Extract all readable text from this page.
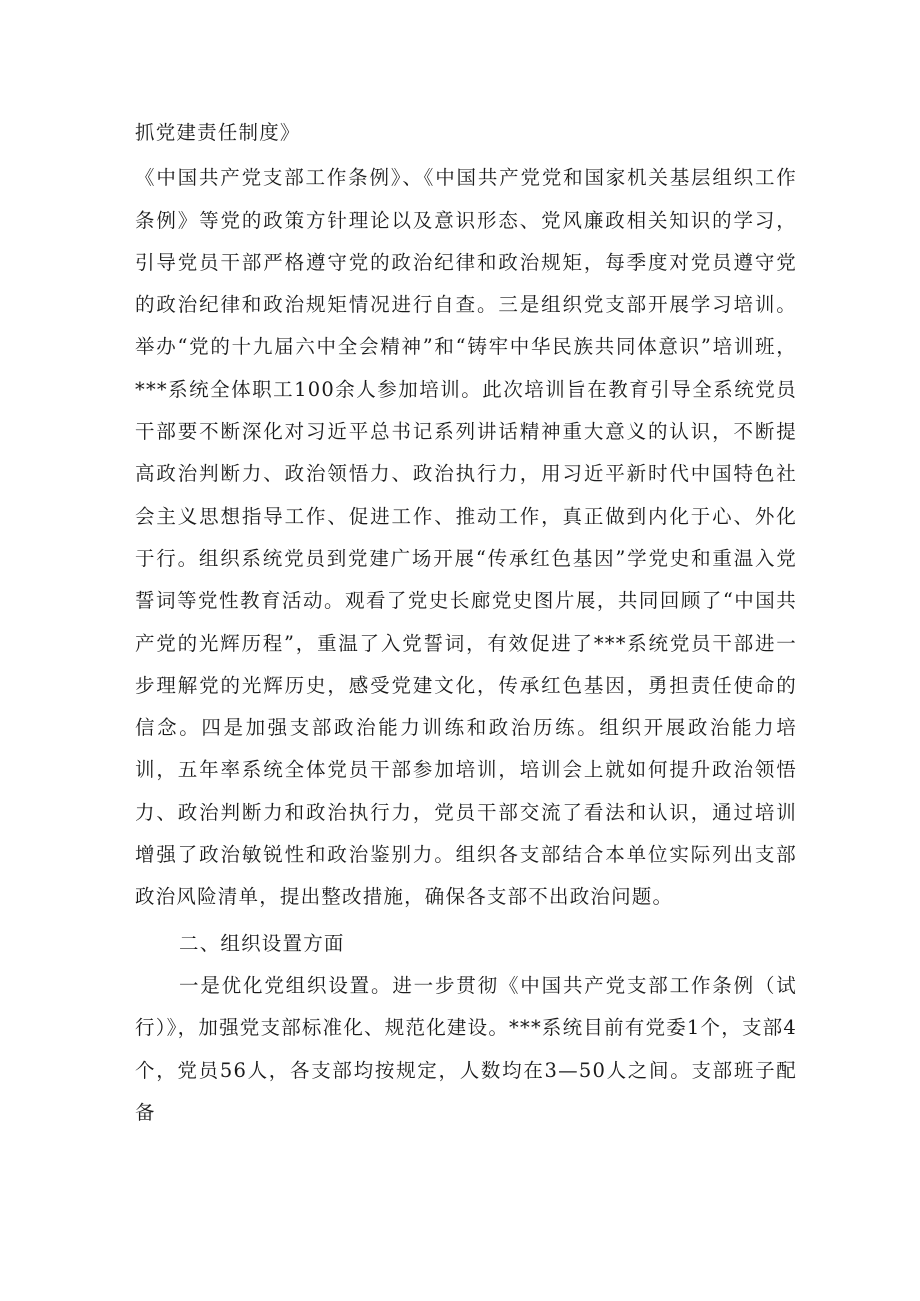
抓党建责任制度》

《中国共产党支部工作条例》、《中国共产党党和国家机关基层组织工作条例》等党的政策方针理论以及意识形态、党风廉政相关知识的学习，引导党员干部严格遵守党的政治纪律和政治规矩，每季度对党员遵守党的政治纪律和政治规矩情况进行自查。三是组织党支部开展学习培训。举办“党的十九届六中全会精神”和“铸牢中华民族共同体意识”培训班，***系统全体职工100余人参加培训。此次培训旨在教育引导全系统党员干部要不断深化对习近平总书记系列讲话精神重大意义的认识，不断提高政治判断力、政治领悟力、政治执行力，用习近平新时代中国特色社会主义思想指导工作、促进工作、推动工作，真正做到内化于心、外化于行。组织系统党员到党建广场开展“传承红色基因”学党史和重温入党誓词等党性教育活动。观看了党史长廊党史图片展，共同回顾了“中国共产党的光辉历程”，重温了入党誓词，有效促进了***系统党员干部进一步理解党的光辉历史，感受党建文化，传承红色基因，勇担责任使命的信念。四是加强支部政治能力训练和政治历练。组织开展政治能力培训，五年率系统全体党员干部参加培训，培训会上就如何提升政治领悟力、政治判断力和政治执行力，党员干部交流了看法和认识，通过培训增强了政治敏锐性和政治鉴别力。组织各支部结合本单位实际列出支部政治风险清单，提出整改措施，确保各支部不出政治问题。

二、组织设置方面

一是优化党组织设置。进一步贯彻《中国共产党支部工作条例（试行）》，加强党支部标准化、规范化建设。***系统目前有党委1个，支部4个，党员56人，各支部均按规定，人数均在3—50人之间。支部班子配备
